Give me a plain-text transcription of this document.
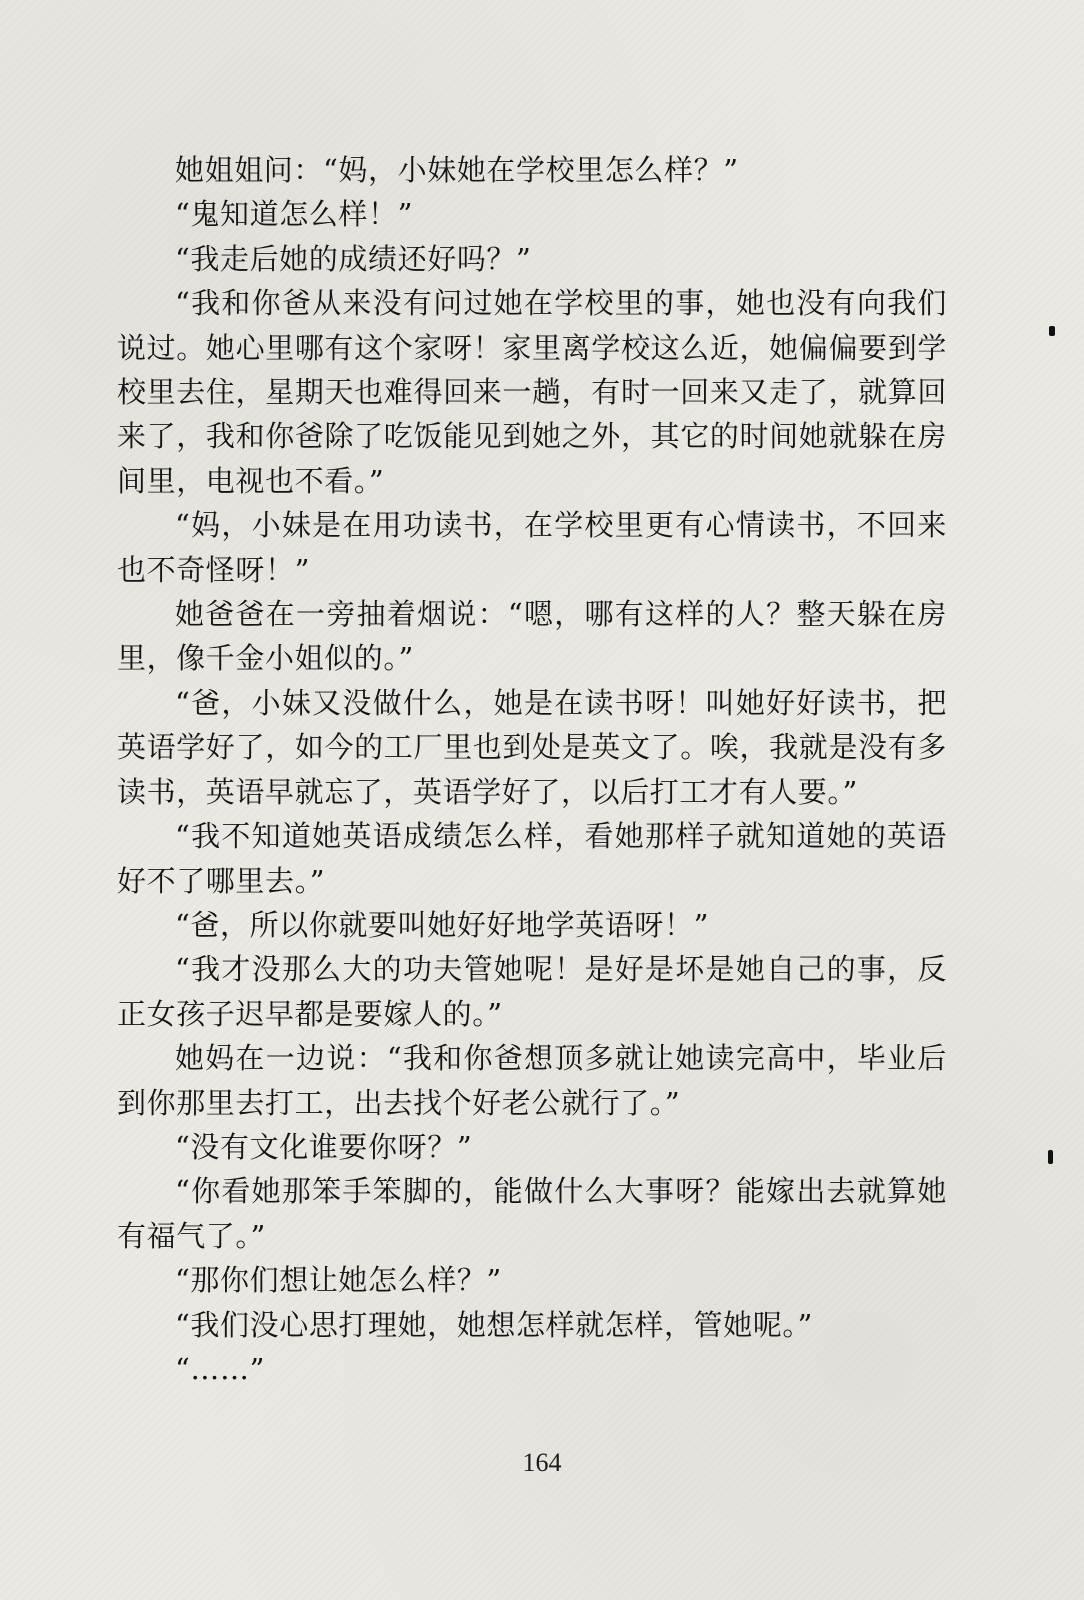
她姐姐问：“妈，小妹她在学校里怎么样？”

“鬼知道怎么样！”

“我走后她的成绩还好吗？”

“我和你爸从来没有问过她在学校里的事，她也没有向我们说过。她心里哪有这个家呀！家里离学校这么近，她偏偏要到学校里去住，星期天也难得回来一趟，有时一回来又走了，就算回来了，我和你爸除了吃饭能见到她之外，其它的时间她就躲在房间里，电视也不看。”

“妈，小妹是在用功读书，在学校里更有心情读书，不回来也不奇怪呀！”

她爸爸在一旁抽着烟说：“嗯，哪有这样的人？整天躲在房里，像千金小姐似的。”

“爸，小妹又没做什么，她是在读书呀！叫她好好读书，把英语学好了，如今的工厂里也到处是英文了。唉，我就是没有多读书，英语早就忘了，英语学好了，以后打工才有人要。”

“我不知道她英语成绩怎么样，看她那样子就知道她的英语好不了哪里去。”

“爸，所以你就要叫她好好地学英语呀！”

“我才没那么大的功夫管她呢！是好是坏是她自己的事，反正女孩子迟早都是要嫁人的。”

她妈在一边说：“我和你爸想顶多就让她读完高中，毕业后到你那里去打工，出去找个好老公就行了。”

“没有文化谁要你呀？”

“你看她那笨手笨脚的，能做什么大事呀？能嫁出去就算她有福气了。”

“那你们想让她怎么样？”

“我们没心思打理她，她想怎样就怎样，管她呢。”

“……”

164
